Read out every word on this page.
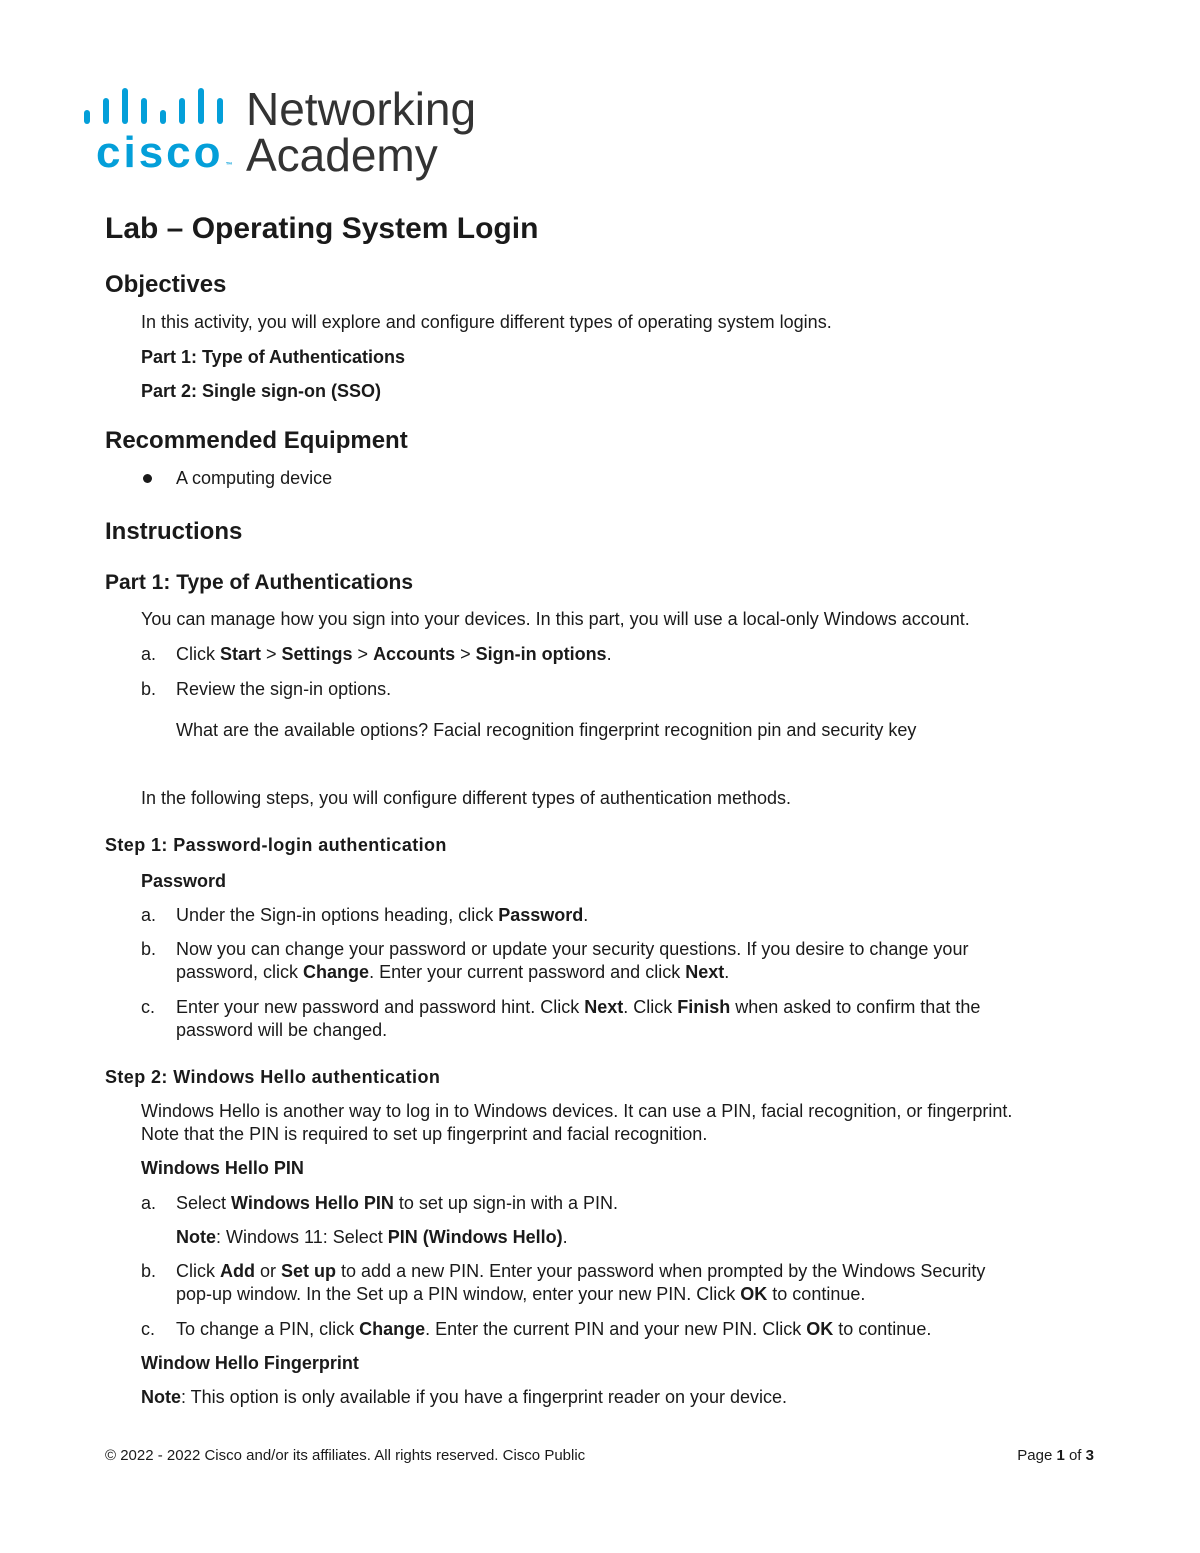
cisco ™
Networking
Academy
Lab – Operating System Login
Objectives

In this activity, you will explore and configure different types of operating system logins.

Part 1: Type of Authentications

Part 2: Single sign-on (SSO)

Recommended Equipment

A computing device

Instructions
Part 1: Type of Authentications

You can manage how you sign into your devices. In this part, you will use a local-only Windows account.

a.	Click Start > Settings > Accounts > Sign-in options.

b.	Review the sign-in options.

What are the available options? Facial recognition fingerprint recognition pin and security key

In the following steps, you will configure different types of authentication methods.

Step 1: Password-login authentication

Password

a.	Under the Sign-in options heading, click Password.

b.	Now you can change your password or update your security questions. If you desire to change your
password, click Change. Enter your current password and click Next.

c.	Enter your new password and password hint. Click Next. Click Finish when asked to confirm that the
password will be changed.

Step 2: Windows Hello authentication

Windows Hello is another way to log in to Windows devices. It can use a PIN, facial recognition, or fingerprint.
Note that the PIN is required to set up fingerprint and facial recognition.

Windows Hello PIN

a.	Select Windows Hello PIN to set up sign-in with a PIN.

Note: Windows 11: Select PIN (Windows Hello).

b.	Click Add or Set up to add a new PIN. Enter your password when prompted by the Windows Security
pop-up window. In the Set up a PIN window, enter your new PIN. Click OK to continue.

c.	To change a PIN, click Change. Enter the current PIN and your new PIN. Click OK to continue.

Window Hello Fingerprint

Note: This option is only available if you have a fingerprint reader on your device.

© 2022 - 2022 Cisco and/or its affiliates. All rights reserved. Cisco Public	Page 1 of 3
